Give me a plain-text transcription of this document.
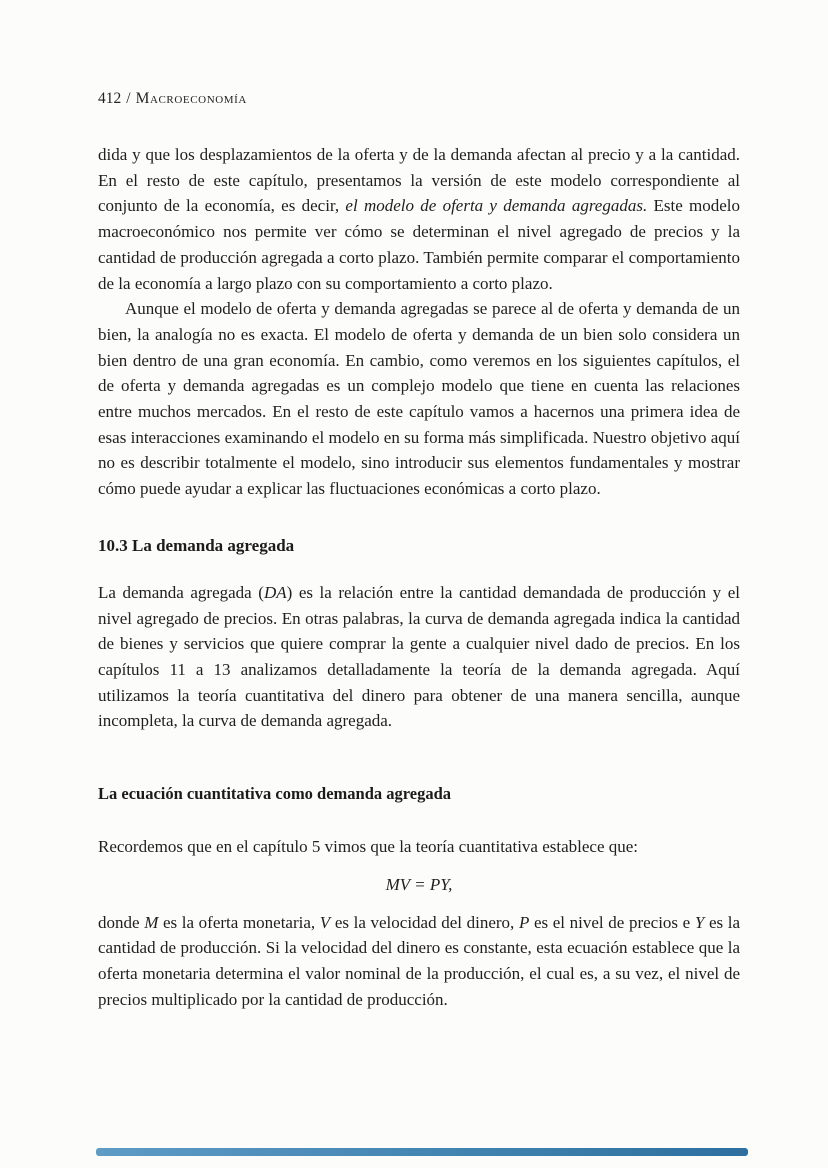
412 / Macroeconomía

dida y que los desplazamientos de la oferta y de la demanda afectan al precio y a la cantidad. En el resto de este capítulo, presentamos la versión de este modelo correspondiente al conjunto de la economía, es decir, el modelo de oferta y demanda agregadas. Este modelo macroeconómico nos permite ver cómo se determinan el nivel agregado de precios y la cantidad de producción agregada a corto plazo. También permite comparar el comportamiento de la economía a largo plazo con su comportamiento a corto plazo.

Aunque el modelo de oferta y demanda agregadas se parece al de oferta y demanda de un bien, la analogía no es exacta. El modelo de oferta y demanda de un bien solo considera un bien dentro de una gran economía. En cambio, como veremos en los siguientes capítulos, el de oferta y demanda agregadas es un complejo modelo que tiene en cuenta las relaciones entre muchos mercados. En el resto de este capítulo vamos a hacernos una primera idea de esas interacciones examinando el modelo en su forma más simplificada. Nuestro objetivo aquí no es describir totalmente el modelo, sino introducir sus elementos fundamentales y mostrar cómo puede ayudar a explicar las fluctuaciones económicas a corto plazo.

10.3 La demanda agregada

La demanda agregada (DA) es la relación entre la cantidad demandada de producción y el nivel agregado de precios. En otras palabras, la curva de demanda agregada indica la cantidad de bienes y servicios que quiere comprar la gente a cualquier nivel dado de precios. En los capítulos 11 a 13 analizamos detalladamente la teoría de la demanda agregada. Aquí utilizamos la teoría cuantitativa del dinero para obtener de una manera sencilla, aunque incompleta, la curva de demanda agregada.

La ecuación cuantitativa como demanda agregada

Recordemos que en el capítulo 5 vimos que la teoría cuantitativa establece que:

MV = PY,

donde M es la oferta monetaria, V es la velocidad del dinero, P es el nivel de precios e Y es la cantidad de producción. Si la velocidad del dinero es constante, esta ecuación establece que la oferta monetaria determina el valor nominal de la producción, el cual es, a su vez, el nivel de precios multiplicado por la cantidad de producción.
